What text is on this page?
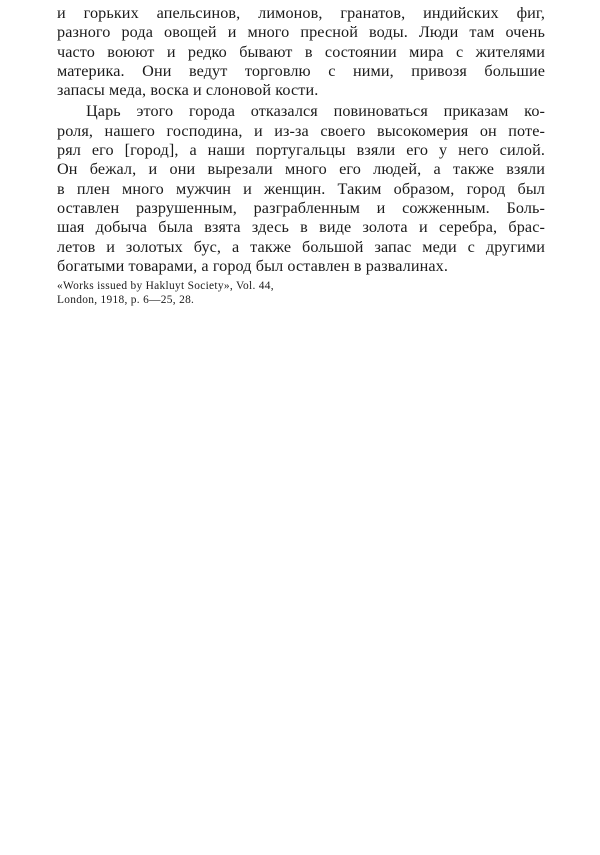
и горьких апельсинов, лимонов, гранатов, индийских фиг,
разного рода овощей и много пресной воды. Люди там очень
часто воюют и редко бывают в состоянии мира с жителями
материка. Они ведут торговлю с ними, привозя большие
запасы меда, воска и слоновой кости.
Царь этого города отказался повиноваться приказам ко-
роля, нашего господина, и из-за своего высокомерия он поте-
рял его [город], а наши португальцы взяли его у него силой.
Он бежал, и они вырезали много его людей, а также взяли
в плен много мужчин и женщин. Таким образом, город был
оставлен разрушенным, разграбленным и сожженным. Боль-
шая добыча была взята здесь в виде золота и серебра, брас-
летов и золотых бус, а также большой запас меди с другими
богатыми товарами, а город был оставлен в развалинах.
«Works issued by Hakluyt Society», Vol. 44,
London, 1918, p. 6—25, 28.
